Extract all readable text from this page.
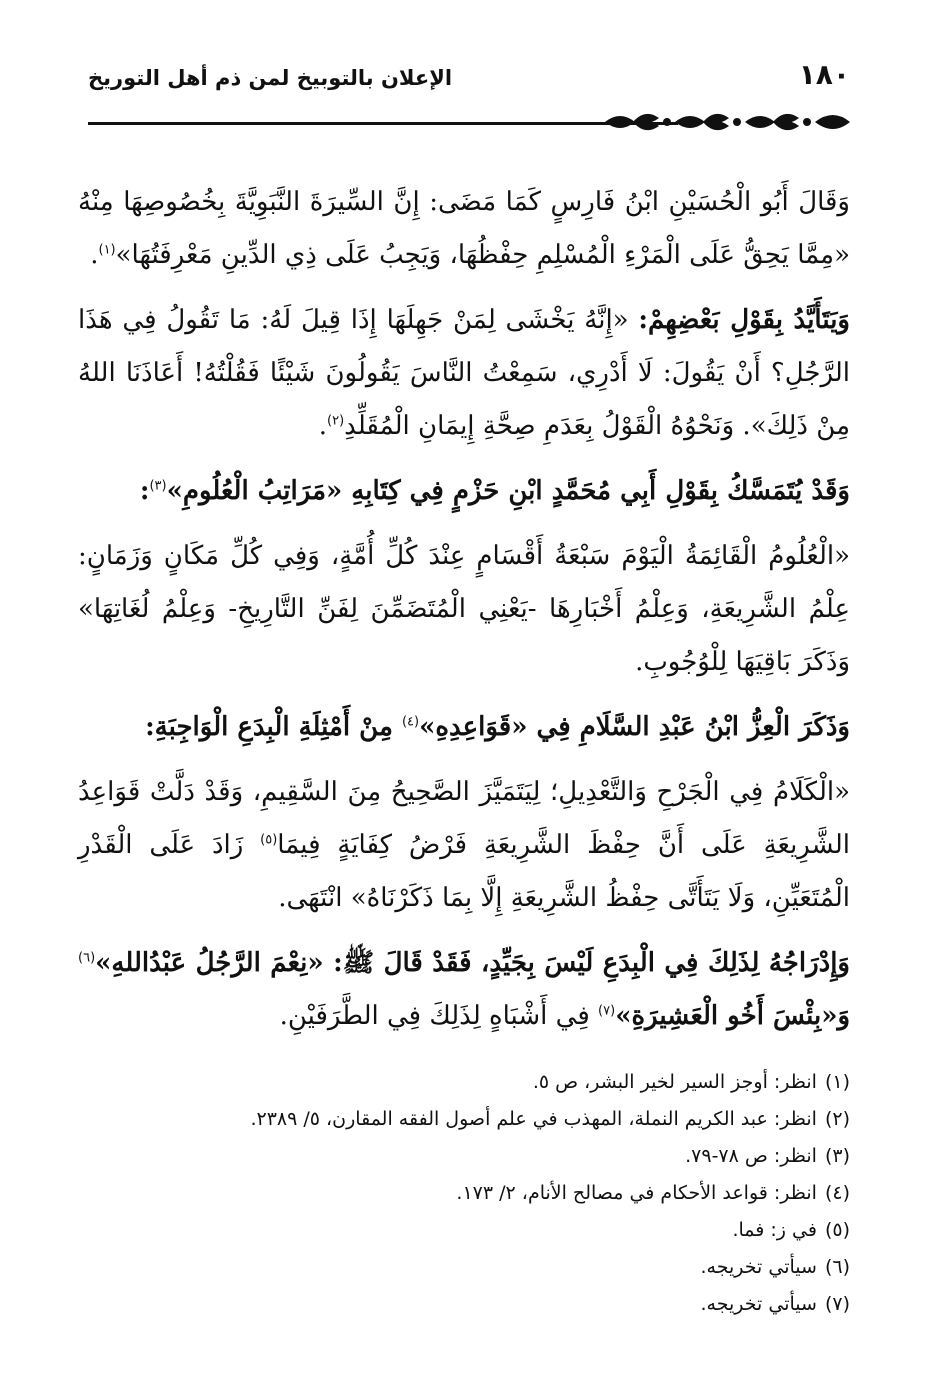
١٨٠
الإعلان بالتوبيخ لمن ذم أهل التوريخ

وَقَالَ أَبُو الْحُسَيْنِ ابْنُ فَارِسٍ كَمَا مَضَى: إِنَّ السِّيرَةَ النَّبَوِيَّةَ بِخُصُوصِهَا مِنْهُ «مِمَّا يَحِقُّ عَلَى الْمَرْءِ الْمُسْلِمِ حِفْظُهَا، وَيَجِبُ عَلَى ذِي الدِّينِ مَعْرِفَتُهَا»$^{(١)}$.

وَيَتَأَيَّدُ بِقَوْلِ بَعْضِهِمْ: «إِنَّهُ يَخْشَى لِمَنْ جَهِلَهَا إِذَا قِيلَ لَهُ: مَا تَقُولُ فِي هَذَا الرَّجُلِ؟ أَنْ يَقُولَ: لَا أَدْرِي، سَمِعْتُ النَّاسَ يَقُولُونَ شَيْئًا فَقُلْتُهُ! أَعَاذَنَا اللهُ مِنْ ذَلِكَ». وَنَحْوُهُ الْقَوْلُ بِعَدَمِ صِحَّةِ إِيمَانِ الْمُقَلِّدِ$^{(٢)}$.

وَقَدْ يُتَمَسَّكُ بِقَوْلِ أَبِي مُحَمَّدٍ ابْنِ حَزْمٍ فِي كِتَابِهِ «مَرَاتِبُ الْعُلُومِ»$^{(٣)}$:

«الْعُلُومُ الْقَائِمَةُ الْيَوْمَ سَبْعَةُ أَقْسَامٍ عِنْدَ كُلِّ أُمَّةٍ، وَفِي كُلِّ مَكَانٍ وَزَمَانٍ: عِلْمُ الشَّرِيعَةِ، وَعِلْمُ أَخْبَارِهَا -يَعْنِي الْمُتَضَمِّنَ لِفَنِّ التَّارِيخِ- وَعِلْمُ لُغَاتِهَا» وَذَكَرَ بَاقِيَهَا لِلْوُجُوبِ.

وَذَكَرَ الْعِزُّ ابْنُ عَبْدِ السَّلَامِ فِي «قَوَاعِدِهِ»$^{(٤)}$ مِنْ أَمْثِلَةِ الْبِدَعِ الْوَاجِبَةِ:

«الْكَلَامُ فِي الْجَرْحِ وَالتَّعْدِيلِ؛ لِيَتَمَيَّزَ الصَّحِيحُ مِنَ السَّقِيمِ، وَقَدْ دَلَّتْ قَوَاعِدُ الشَّرِيعَةِ عَلَى أَنَّ حِفْظَ الشَّرِيعَةِ فَرْضُ كِفَايَةٍ فِيمَا$^{(٥)}$ زَادَ عَلَى الْقَدْرِ الْمُتَعَيِّنِ، وَلَا يَتَأَتَّى حِفْظُ الشَّرِيعَةِ إِلَّا بِمَا ذَكَرْنَاهُ» انْتَهَى.

وَإِدْرَاجُهُ لِذَلِكَ فِي الْبِدَعِ لَيْسَ بِجَيِّدٍ، فَقَدْ قَالَ ﷺ: «نِعْمَ الرَّجُلُ عَبْدُاللهِ»$^{(٦)}$ وَ«بِئْسَ أَخُو الْعَشِيرَةِ»$^{(٧)}$ فِي أَشْبَاهٍ لِذَلِكَ فِي الطَّرَفَيْنِ.

(١)انظر: أوجز السير لخير البشر، ص ٥.
(٢)انظر: عبد الكريم النملة، المهذب في علم أصول الفقه المقارن، ٥/ ٢٣٨٩.
(٣)انظر: ص ٧٨-٧٩.
(٤)انظر: قواعد الأحكام في مصالح الأنام، ٢/ ١٧٣.
(٥)في ز: فما.
(٦)سيأتي تخريجه.
(٧)سيأتي تخريجه.
